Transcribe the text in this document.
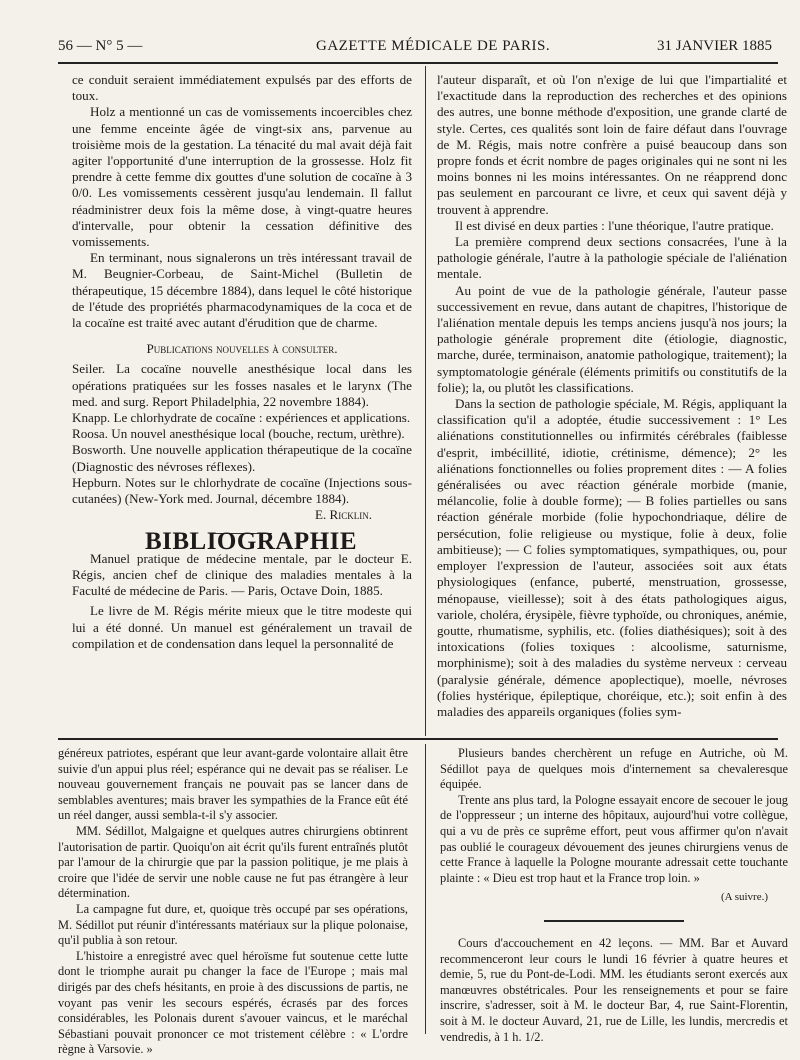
56 — N° 5 —	GAZETTE MÉDICALE DE PARIS.	31 JANVIER 1885

ce conduit seraient immédiatement expulsés par des efforts de toux.

Holz a mentionné un cas de vomissements incoercibles chez une femme enceinte âgée de vingt-six ans, parvenue au troisième mois de la gestation. La ténacité du mal avait déjà fait agiter l'opportunité d'une interruption de la grossesse. Holz fit prendre à cette femme dix gouttes d'une solution de cocaïne à 3 0/0. Les vomissements cessèrent jusqu'au lendemain. Il fallut réadministrer deux fois la même dose, à vingt-quatre heures d'intervalle, pour obtenir la cessation définitive des vomissements.

En terminant, nous signalerons un très intéressant travail de M. Beugnier-Corbeau, de Saint-Michel (Bulletin de thérapeutique, 15 décembre 1884), dans lequel le côté historique de l'étude des propriétés pharmacodynamiques de la coca et de la cocaïne est traité avec autant d'érudition que de charme.

Publications nouvelles à consulter.

Seiler. La cocaïne nouvelle anesthésique local dans les opérations pratiquées sur les fosses nasales et le larynx (The med. and surg. Report Philadelphia, 22 novembre 1884).

Knapp. Le chlorhydrate de cocaïne : expériences et applications.

Roosa. Un nouvel anesthésique local (bouche, rectum, urèthre).

Bosworth. Une nouvelle application thérapeutique de la cocaïne (Diagnostic des névroses réflexes).

Hepburn. Notes sur le chlorhydrate de cocaïne (Injections sous-cutanées) (New-York med. Journal, décembre 1884).

E. Ricklin.

BIBLIOGRAPHIE

Manuel pratique de médecine mentale, par le docteur E. Régis, ancien chef de clinique des maladies mentales à la Faculté de médecine de Paris. — Paris, Octave Doin, 1885.

Le livre de M. Régis mérite mieux que le titre modeste qui lui a été donné. Un manuel est généralement un travail de compilation et de condensation dans lequel la personnalité de

l'auteur disparaît, et où l'on n'exige de lui que l'impartialité et l'exactitude dans la reproduction des recherches et des opinions des autres, une bonne méthode d'exposition, une grande clarté de style. Certes, ces qualités sont loin de faire défaut dans l'ouvrage de M. Régis, mais notre confrère a puisé beaucoup dans son propre fonds et écrit nombre de pages originales qui ne sont ni les moins bonnes ni les moins intéressantes. On ne réapprend donc pas seulement en parcourant ce livre, et ceux qui savent déjà y trouvent à apprendre.

Il est divisé en deux parties : l'une théorique, l'autre pratique.

La première comprend deux sections consacrées, l'une à la pathologie générale, l'autre à la pathologie spéciale de l'aliénation mentale.

Au point de vue de la pathologie générale, l'auteur passe successivement en revue, dans autant de chapitres, l'historique de l'aliénation mentale depuis les temps anciens jusqu'à nos jours; la pathologie générale proprement dite (étiologie, diagnostic, marche, durée, terminaison, anatomie pathologique, traitement); la symptomatologie générale (éléments primitifs ou constitutifs de la folie); la, ou plutôt les classifications.

Dans la section de pathologie spéciale, M. Régis, appliquant la classification qu'il a adoptée, étudie successivement : 1° Les aliénations constitutionnelles ou infirmités cérébrales (faiblesse d'esprit, imbécillité, idiotie, crétinisme, démence); 2° les aliénations fonctionnelles ou folies proprement dites : — A folies généralisées ou avec réaction générale morbide (manie, mélancolie, folie à double forme); — B folies partielles ou sans réaction générale morbide (folie hypochondriaque, délire de persécution, folie religieuse ou mystique, folie à deux, folie ambitieuse); — C folies symptomatiques, sympathiques, ou, pour employer l'expression de l'auteur, associées soit aux états physiologiques (enfance, puberté, menstruation, grossesse, ménopause, vieillesse); soit à des états pathologiques aigus, variole, choléra, érysipèle, fièvre typhoïde, ou chroniques, anémie, goutte, rhumatisme, syphilis, etc. (folies diathésiques); soit à des intoxications (folies toxiques : alcoolisme, saturnisme, morphinisme); soit à des maladies du système nerveux : cerveau (paralysie générale, démence apoplectique), moelle, névroses (folies hystérique, épileptique, choréique, etc.); soit enfin à des maladies des appareils organiques (folies sym-

généreux patriotes, espérant que leur avant-garde volontaire allait être suivie d'un appui plus réel; espérance qui ne devait pas se réaliser. Le nouveau gouvernement français ne pouvait pas se lancer dans de semblables aventures; mais braver les sympathies de la France eût été un réel danger, aussi sembla-t-il s'y associer.

MM. Sédillot, Malgaigne et quelques autres chirurgiens obtinrent l'autorisation de partir. Quoiqu'on ait écrit qu'ils furent entraînés plutôt par l'amour de la chirurgie que par la passion politique, je me plais à croire que l'idée de servir une noble cause ne fut pas étrangère à leur détermination.

La campagne fut dure, et, quoique très occupé par ses opérations, M. Sédillot put réunir d'intéressants matériaux sur la plique polonaise, qu'il publia à son retour.

L'histoire a enregistré avec quel héroïsme fut soutenue cette lutte dont le triomphe aurait pu changer la face de l'Europe ; mais mal dirigés par des chefs hésitants, en proie à des discussions de partis, ne voyant pas venir les secours espérés, écrasés par des forces considérables, les Polonais durent s'avouer vaincus, et le maréchal Sébastiani pouvait prononcer ce mot tristement célèbre : « L'ordre règne à Varsovie. »

Plusieurs bandes cherchèrent un refuge en Autriche, où M. Sédillot paya de quelques mois d'internement sa chevaleresque équipée.

Trente ans plus tard, la Pologne essayait encore de secouer le joug de l'oppresseur ; un interne des hôpitaux, aujourd'hui votre collègue, qui a vu de près ce suprême effort, peut vous affirmer qu'on n'avait pas oublié le courageux dévouement des jeunes chirurgiens venus de cette France à laquelle la Pologne mourante adressait cette touchante plainte : « Dieu est trop haut et la France trop loin. »

(A suivre.)

Cours d'accouchement en 42 leçons. — MM. Bar et Auvard recommenceront leur cours le lundi 16 février à quatre heures et demie, 5, rue du Pont-de-Lodi. MM. les étudiants seront exercés aux manœuvres obstétricales. Pour les renseignements et pour se faire inscrire, s'adresser, soit à M. le docteur Bar, 4, rue Saint-Florentin, soit à M. le docteur Auvard, 21, rue de Lille, les lundis, mercredis et vendredis, à 1 h. 1/2.
